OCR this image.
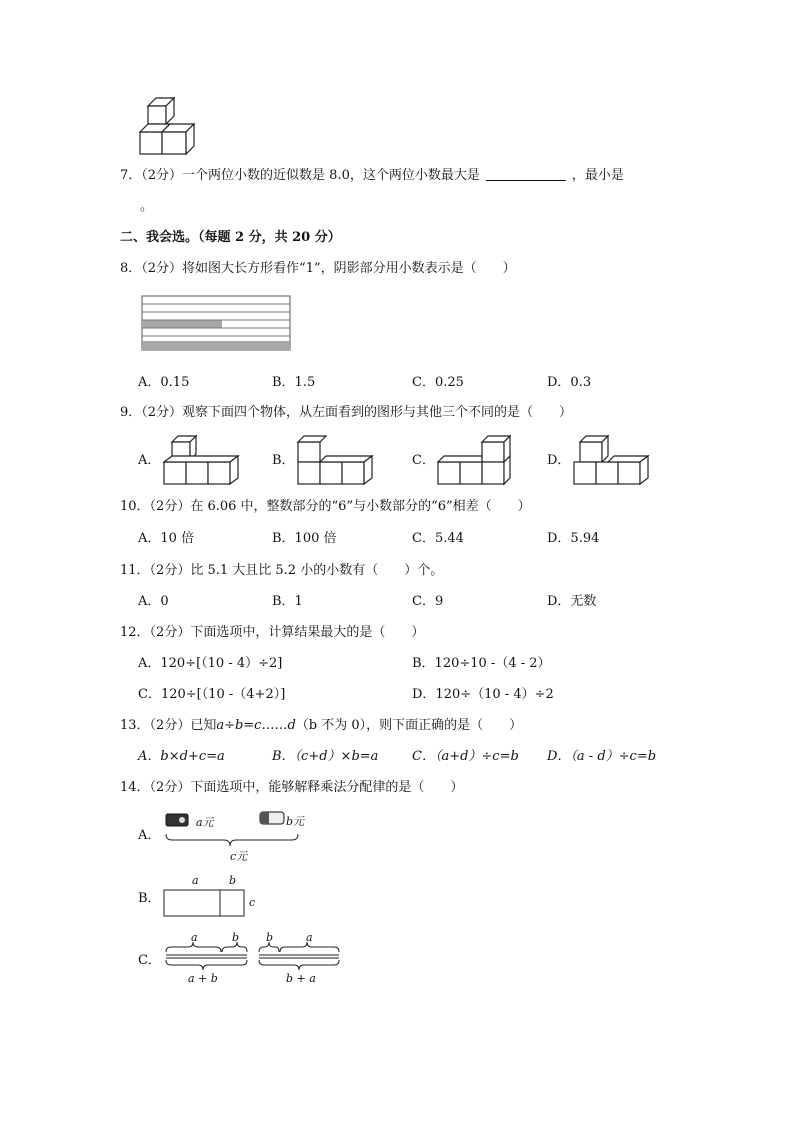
7．（2分）一个两位小数的近似数是 8.0，这个两位小数最大是	，最小是
。
二、我会选。（每题 2 分，共 20 分）
8．（2分）将如图大长方形看作“1”，阴影部分用小数表示是（　　）
A．0.15	B．1.5	C．0.25	D．0.3
9．（2分）观察下面四个物体，从左面看到的图形与其他三个不同的是（　　）
A．	B．	C．	D．
10．（2分）在 6.06 中，整数部分的“6”与小数部分的“6”相差（　　）
A．10 倍	B．100 倍	C．5.44	D．5.94
11．（2分）比 5.1 大且比 5.2 小的小数有（　　）个。
A．0	B．1	C．9	D．无数
12．（2分）下面选项中，计算结果最大的是（　　）
A．120÷[（10 - 4）÷2]	B．120÷10 -（4 - 2）
C．120÷[（10 -（4+2）]	D．120÷（10 - 4）÷2
13．（2分）已知a÷b=c……d（b 不为 0），则下面正确的是（　　）
A．b×d+c=a	B．（c+d）×b=a	C．（a+d）÷c=b D．（a - d）÷c=b
14．（2分）下面选项中，能够解释乘法分配律的是（　　）
A．
a元	b元
c元
B．
a	b
c
C．
a	b
a + b
b	a
b + a
